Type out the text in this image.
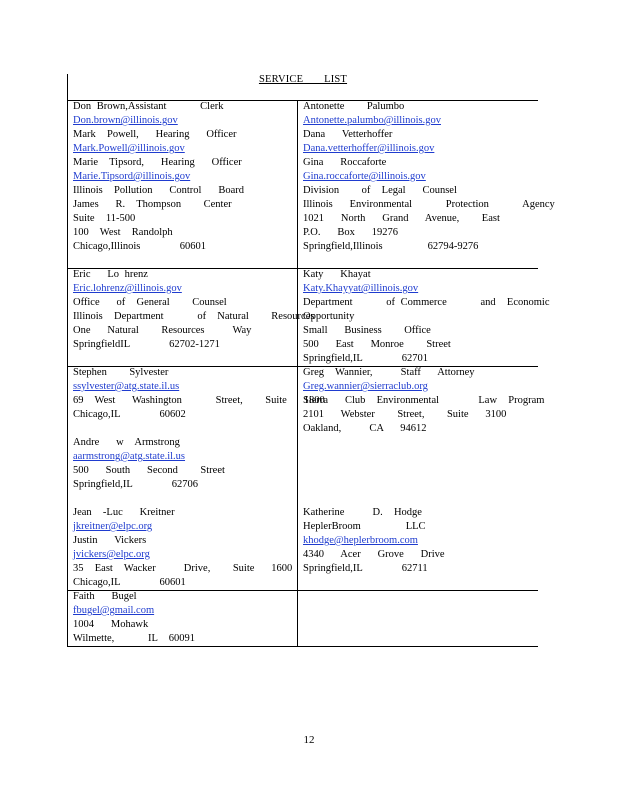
SERVICE LIST
Don Brown,Assistant      Clerk
Don.brown@illinois.gov
Mark  Powell,   Hearing   Officer
Mark.Powell@illinois.gov
Marie  Tipsord,   Hearing   Officer
Marie.Tipsord@illinois.gov
Illinois  Pollution   Control   Board
James   R.  Thompson    Center
Suite  11-500
100  West  Randolph
Chicago,Illinois       60601
Antonette    Palumbo
Antonette.palumbo@illinois.gov
Dana   Vetterhoffer
Dana.vetterhoffer@illinois.gov
Gina   Roccaforte
Gina.roccaforte@illinois.gov
Division    of  Legal   Counsel
Illinois   Environmental      Protection      Agency
1021   North   Grand   Avenue,    East
P.O.   Box   19276
Springfield,Illinois        62794-9276
Eric   Lo hrenz
Eric.lohrenz@illinois.gov
Office   of  General    Counsel
Illinois  Department      of  Natural    Resources
One   Natural    Resources     Way
SpringfieldIL       62702-1271
Katy   Khayat
Katy.Khayyat@illinois.gov
Department      of Commerce      and  Economic
Opportunity
Small   Business    Office
500   East   Monroe    Street
Springfield,IL       62701
Stephen    Sylvester
ssylvester@atg.state.il.us
69  West   Washington      Street,    Suite   1800
Chicago,IL       60602
Andre   w  Armstrong
aarmstrong@atg.state.il.us
500   South   Second    Street
Springfield,IL       62706
Jean  -Luc   Kreitner
jkreitner@elpc.org
Justin   Vickers
jvickers@elpc.org
35  East  Wacker     Drive,    Suite   1600
Chicago,IL       60601
Greg  Wannier,     Staff   Attorney
Greg.wannier@sierraclub.org
Sierra   Club  Environmental       Law  Program
2101   Webster    Street,    Suite   3100
Oakland,     CA   94612
Katherine     D.  Hodge
HeplerBroom        LLC
khodge@heplerbroom.com
4340   Acer   Grove   Drive
Springfield,IL       62711
Faith   Bugel
fbugel@gmail.com
1004   Mohawk
Wilmette,      IL  60091
12
